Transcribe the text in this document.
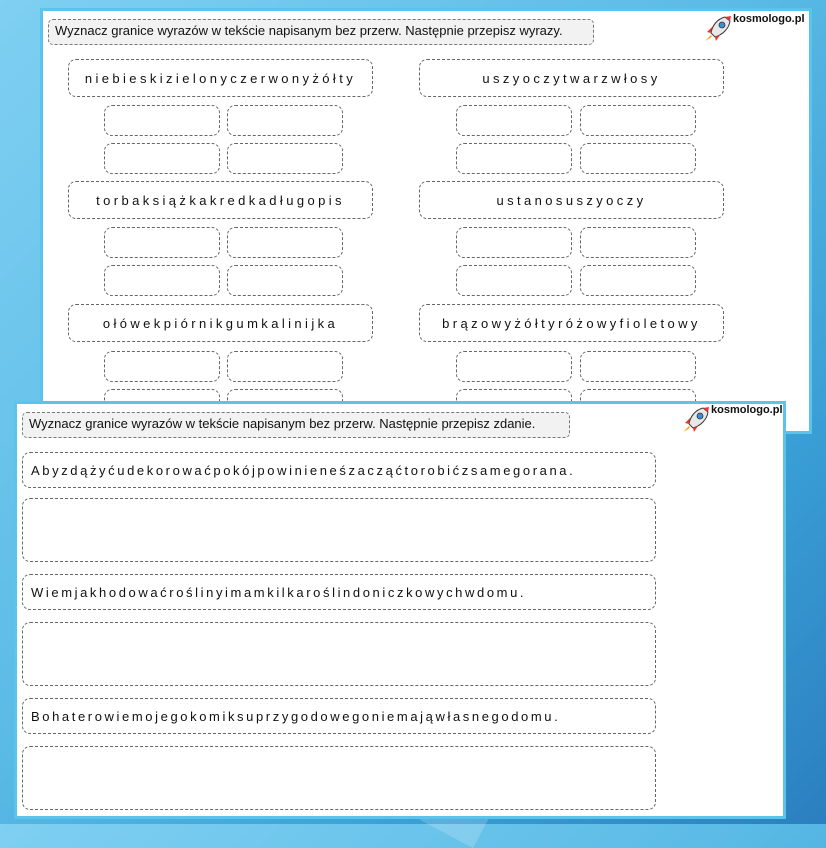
Wyznacz granice wyrazów w tekście napisanym bez przerw. Następnie przepisz wyrazy.
kosmologo.pl
niebieskizielonyczerwonyżółty
torbaksiążkakredkadługopis
ołówekpiórnikgumkalinijka
uszyoczytwarzwłosy
ustanosuszyoczy
brązowyżółtyróżowyfioletowy
Wyznacz granice wyrazów w tekście napisanym bez przerw. Następnie przepisz zdanie.
kosmologo.pl
Abyzdążyćudekorowaćpokójpowinieneśzacząćtorobićzsamegorana.
Wiemjakhodowaćroślinyimamkilkaroślindoniczkowychwdomu.
Bohaterowiemojegokomiksuprzygodowegoniemająwłasnegodomu.
